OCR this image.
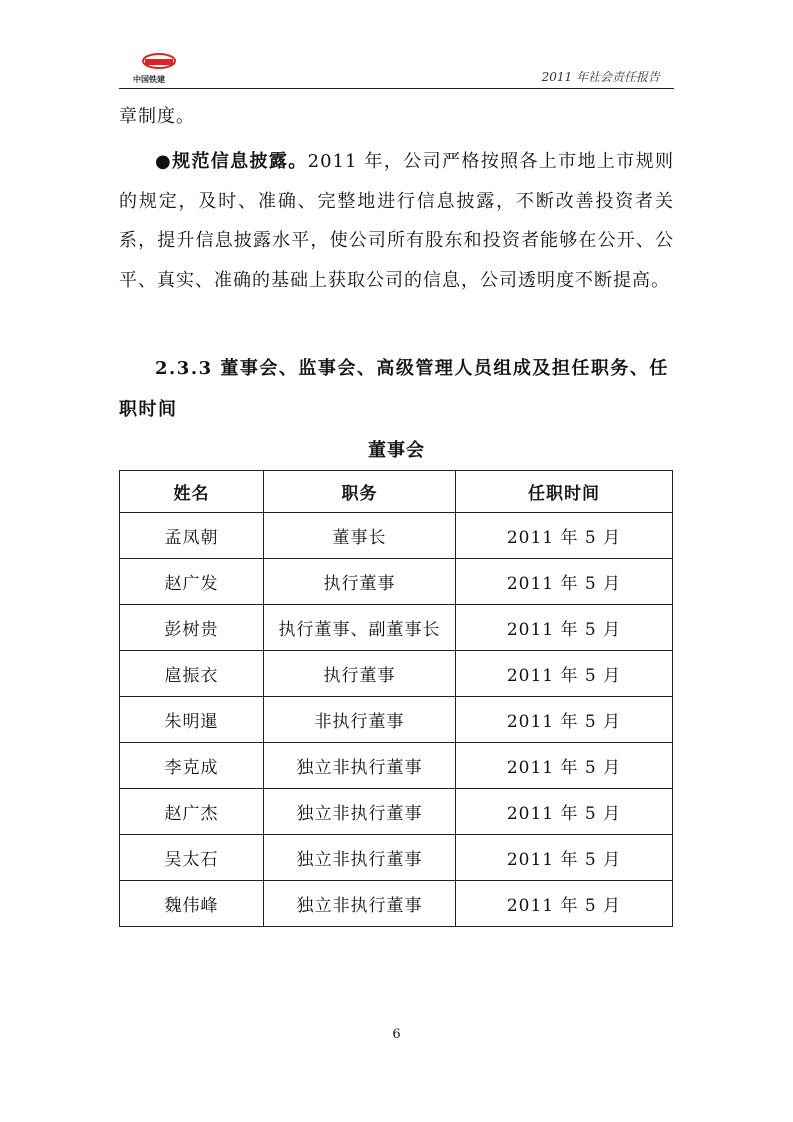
中国铁建	2011 年社会责任报告
章制度。
●规范信息披露。2011 年，公司严格按照各上市地上市规则的规定，及时、准确、完整地进行信息披露，不断改善投资者关系，提升信息披露水平，使公司所有股东和投资者能够在公开、公平、真实、准确的基础上获取公司的信息，公司透明度不断提高。
2.3.3 董事会、监事会、高级管理人员组成及担任职务、任职时间
董事会
姓名	职务	任职时间
孟凤朝	董事长	2011 年 5 月
赵广发	执行董事	2011 年 5 月
彭树贵	执行董事、副董事长	2011 年 5 月
扈振衣	执行董事	2011 年 5 月
朱明暹	非执行董事	2011 年 5 月
李克成	独立非执行董事	2011 年 5 月
赵广杰	独立非执行董事	2011 年 5 月
吴太石	独立非执行董事	2011 年 5 月
魏伟峰	独立非执行董事	2011 年 5 月
6
